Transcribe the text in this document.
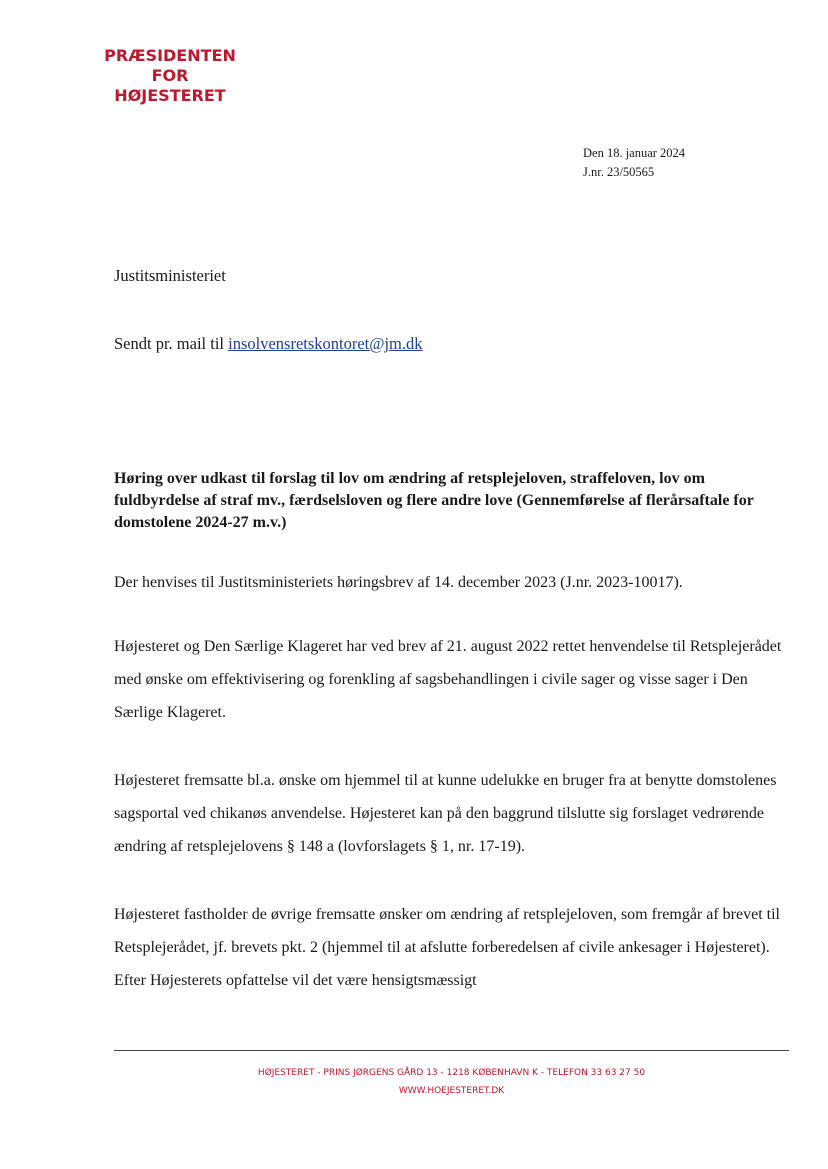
PRÆSIDENTEN
FOR
HØJESTERET
Den 18. januar 2024
J.nr. 23/50565
Justitsministeriet
Sendt pr. mail til insolvensretskontoret@jm.dk
Høring over udkast til forslag til lov om ændring af retsplejeloven, straffeloven, lov om fuldbyrdelse af straf mv., færdselsloven og flere andre love (Gennemførelse af flerårsaftale for domstolene 2024-27 m.v.)

Der henvises til Justitsministeriets høringsbrev af 14. december 2023 (J.nr. 2023-10017).

Højesteret og Den Særlige Klageret har ved brev af 21. august 2022 rettet henvendelse til Retsplejerådet med ønske om effektivisering og forenkling af sagsbehandlingen i civile sager og visse sager i Den Særlige Klageret.

Højesteret fremsatte bl.a. ønske om hjemmel til at kunne udelukke en bruger fra at benytte domstolenes sagsportal ved chikanøs anvendelse. Højesteret kan på den baggrund tilslutte sig forslaget vedrørende ændring af retsplejelovens § 148 a (lovforslagets § 1, nr. 17-19).

Højesteret fastholder de øvrige fremsatte ønsker om ændring af retsplejeloven, som fremgår af brevet til Retsplejerådet, jf. brevets pkt. 2 (hjemmel til at afslutte forberedelsen af civile ankesager i Højesteret). Efter Højesterets opfattelse vil det være hensigtsmæssigt

HØJESTERET - PRINS JØRGENS GÅRD 13 - 1218 KØBENHAVN K - TELEFON 33 63 27 50
WWW.HOEJESTERET.DK
